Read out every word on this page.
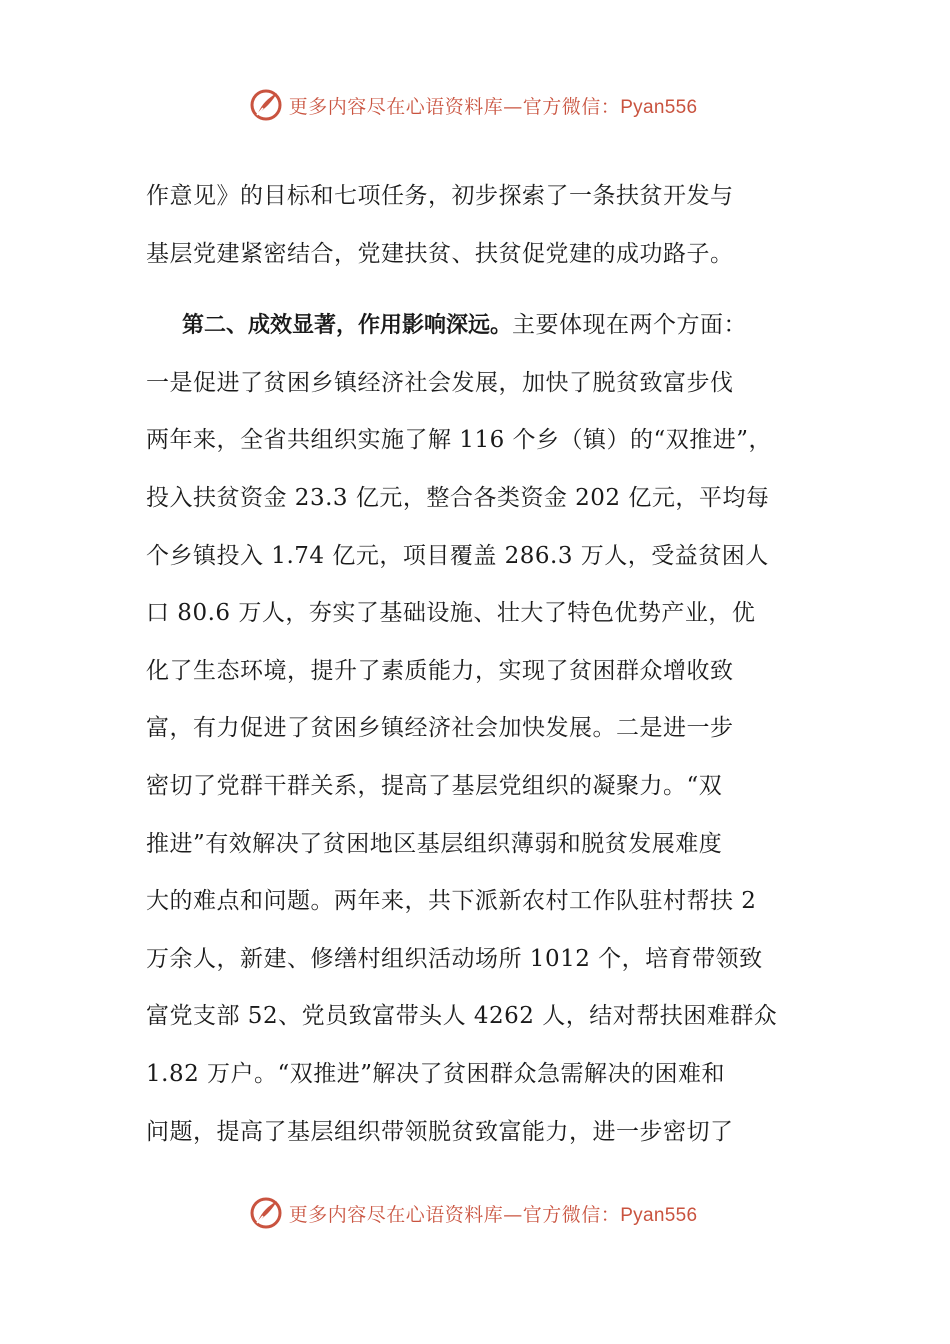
更多内容尽在心语资料库—官方微信：Pyan556
作意见》的目标和七项任务，初步探索了一条扶贫开发与
基层党建紧密结合，党建扶贫、扶贫促党建的成功路子。
第二、成效显著，作用影响深远。主要体现在两个方面：
一是促进了贫困乡镇经济社会发展，加快了脱贫致富步伐
两年来，全省共组织实施了解 116 个乡（镇）的“双推进”，
投入扶贫资金 23.3 亿元，整合各类资金 202 亿元，平均每
个乡镇投入 1.74 亿元，项目覆盖 286.3 万人，受益贫困人
口 80.6 万人，夯实了基础设施、壮大了特色优势产业，优
化了生态环境，提升了素质能力，实现了贫困群众增收致
富，有力促进了贫困乡镇经济社会加快发展。二是进一步
密切了党群干群关系，提高了基层党组织的凝聚力。“双
推进”有效解决了贫困地区基层组织薄弱和脱贫发展难度
大的难点和问题。两年来，共下派新农村工作队驻村帮扶 2
万余人，新建、修缮村组织活动场所 1012 个，培育带领致
富党支部 52、党员致富带头人 4262 人，结对帮扶困难群众
1.82 万户。“双推进”解决了贫困群众急需解决的困难和
问题，提高了基层组织带领脱贫致富能力，进一步密切了
更多内容尽在心语资料库—官方微信：Pyan556
